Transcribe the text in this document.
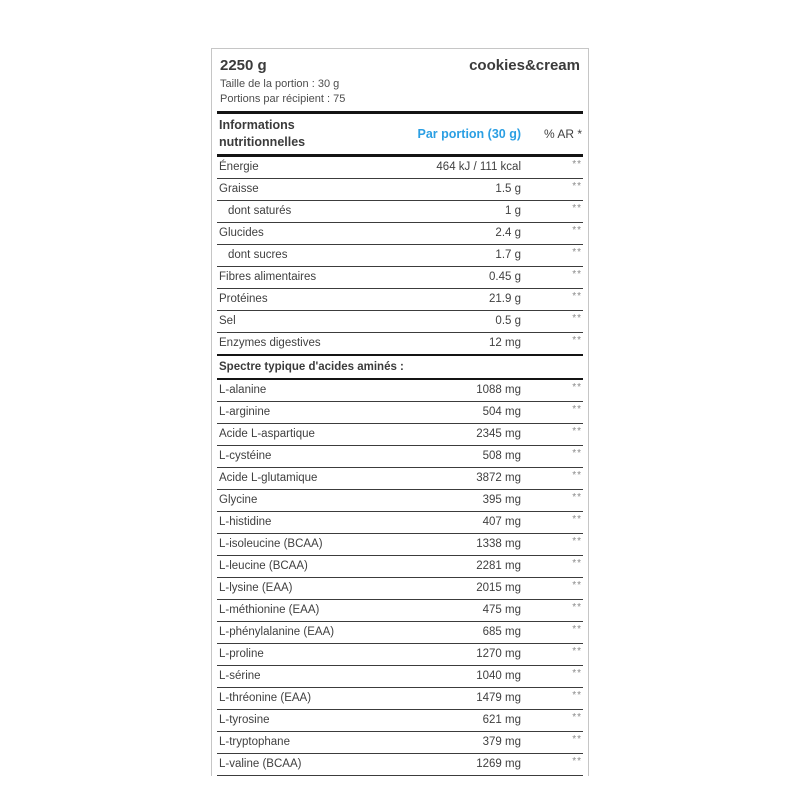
2250 g	cookies&cream
Taille de la portion : 30 g
Portions par récipient : 75
Informations nutritionnelles
Par portion (30 g)	% AR *
Énergie	464 kJ / 111 kcal	**
Graisse	1.5 g	**
dont saturés	1 g	**
Glucides	2.4 g	**
dont sucres	1.7 g	**
Fibres alimentaires	0.45 g	**
Protéines	21.9 g	**
Sel	0.5 g	**
Enzymes digestives	12 mg	**
Spectre typique d'acides aminés :
L-alanine	1088 mg	**
L-arginine	504 mg	**
Acide L-aspartique	2345 mg	**
L-cystéine	508 mg	**
Acide L-glutamique	3872 mg	**
Glycine	395 mg	**
L-histidine	407 mg	**
L-isoleucine (BCAA)	1338 mg	**
L-leucine (BCAA)	2281 mg	**
L-lysine (EAA)	2015 mg	**
L-méthionine (EAA)	475 mg	**
L-phénylalanine (EAA)	685 mg	**
L-proline	1270 mg	**
L-sérine	1040 mg	**
L-thréonine (EAA)	1479 mg	**
L-tyrosine	621 mg	**
L-tryptophane	379 mg	**
L-valine (BCAA)	1269 mg	**
